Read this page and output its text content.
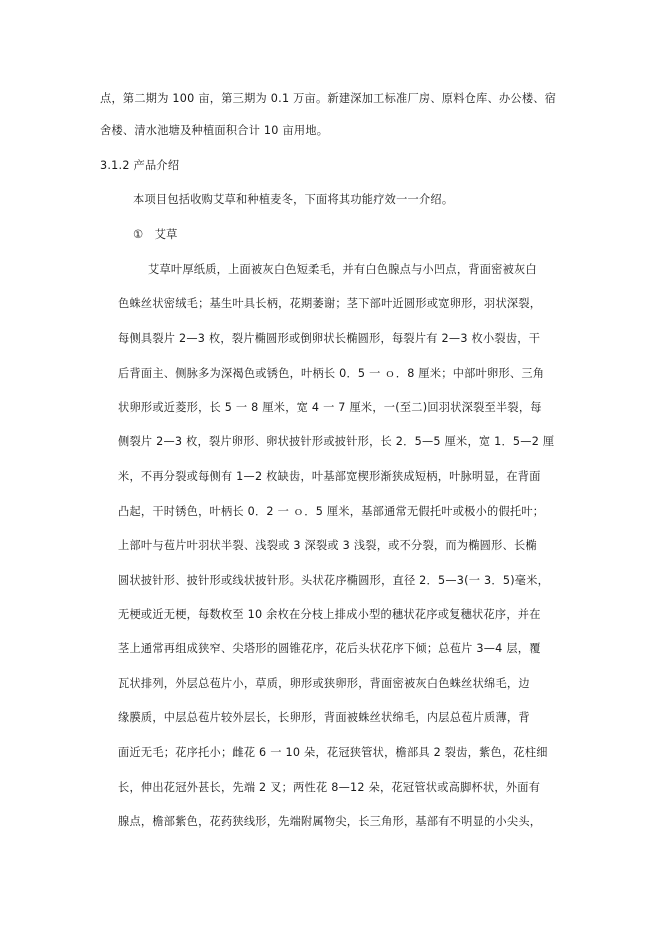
点，第二期为 100 亩，第三期为 0.1 万亩。新建深加工标准厂房、原料仓库、办公楼、宿

舍楼、清水池塘及种植面积合计 10 亩用地。

3.1.2 产品介绍

本项目包括收购艾草和种植麦冬，下面将其功能疗效一一介绍。

①　艾草

艾草叶厚纸质，上面被灰白色短柔毛，并有白色腺点与小凹点，背面密被灰白

色蛛丝状密绒毛；基生叶具长柄，花期萎谢；茎下部叶近圆形或宽卵形，羽状深裂，

每侧具裂片 2—3 枚，裂片椭圆形或倒卵状长椭圆形，每裂片有 2—3 枚小裂齿，干

后背面主、侧脉多为深褐色或锈色，叶柄长 0．5 一 ｏ．8 厘米；中部叶卵形、三角

状卵形或近菱形，长 5 一 8 厘米，宽 4 一 7 厘米，一(至二)回羽状深裂至半裂，每

侧裂片 2—3 枚，裂片卵形、卵状披针形或披针形，长 2．5—5 厘米，宽 1．5—2 厘

米，不再分裂或每侧有 1—2 枚缺齿，叶基部宽楔形渐狭成短柄，叶脉明显，在背面

凸起，干时锈色，叶柄长 0．2 一 ｏ．5 厘米，基部通常无假托叶或极小的假托叶；

上部叶与苞片叶羽状半裂、浅裂或 3 深裂或 3 浅裂，或不分裂，而为椭圆形、长椭

圆状披针形、披针形或线状披针形。头状花序椭圆形，直径 2．5—3(一 3．5)毫米，

无梗或近无梗，每数枚至 10 余枚在分枝上排成小型的穗状花序或复穗状花序，并在

茎上通常再组成狭窄、尖塔形的圆锥花序，花后头状花序下倾；总苞片 3—4 层，覆

瓦状排列，外层总苞片小，草质，卵形或狭卵形，背面密被灰白色蛛丝状绵毛，边

缘膜质，中层总苞片较外层长，长卵形，背面被蛛丝状绵毛，内层总苞片质薄，背

面近无毛；花序托小；雌花 6 一 10 朵，花冠狭管状，檐部具 2 裂齿，紫色，花柱细

长，伸出花冠外甚长，先端 2 叉；两性花 8—12 朵，花冠管状或高脚杯状，外面有

腺点，檐部紫色，花药狭线形，先端附属物尖，长三角形，基部有不明显的小尖头，
